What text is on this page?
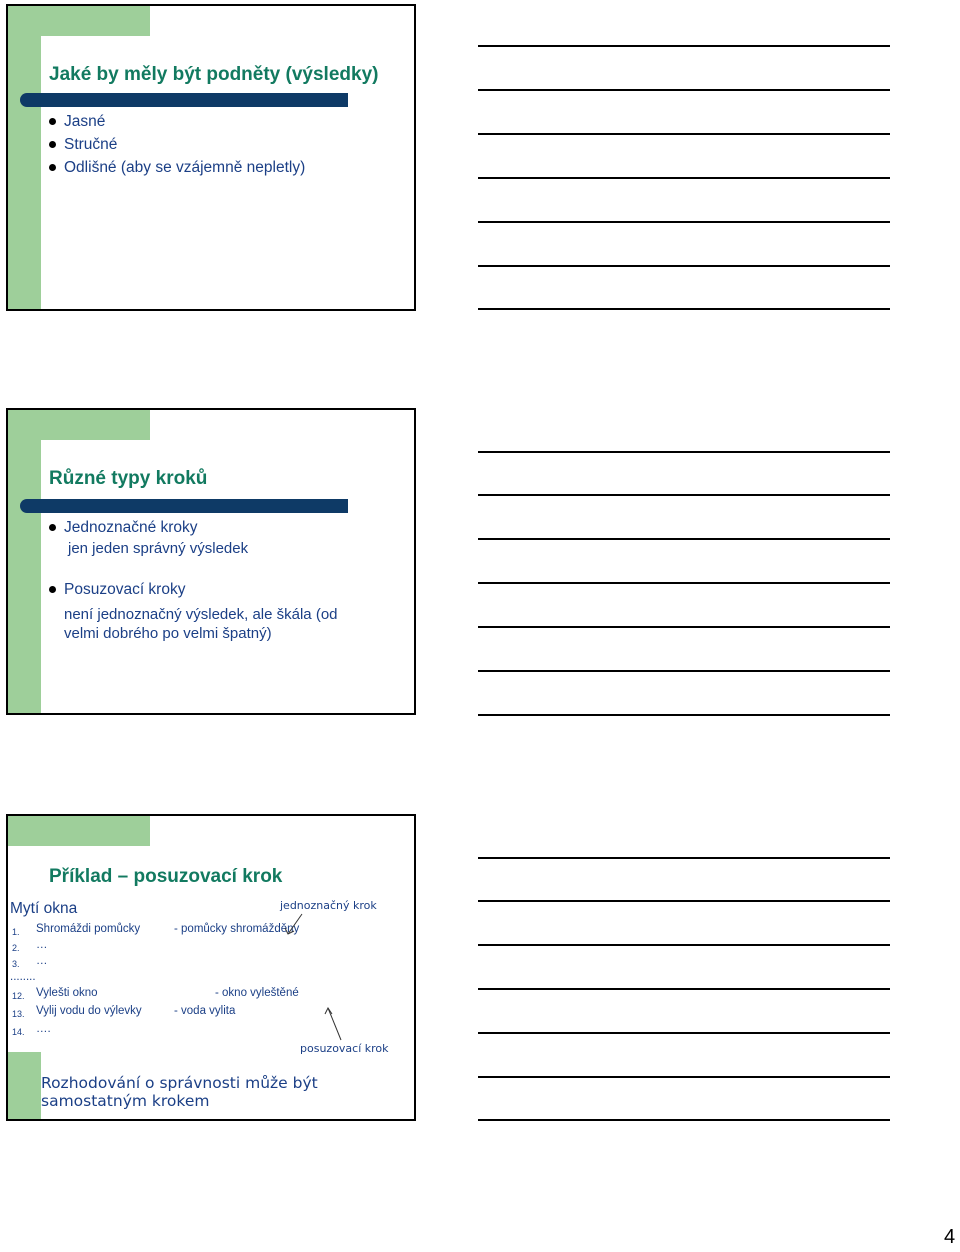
Jaké by měly být podněty (výsledky)
Jasné
Stručné
Odlišné (aby se vzájemně nepletly)
Různé typy kroků
Jednoznačné kroky
jen jeden správný výsledek
Posuzovací kroky
není jednoznačný výsledek, ale škála (od
velmi dobrého po velmi špatný)
Příklad – posuzovací krok
Mytí okna	jednoznačný krok
1. Shromáždi pomůcky	- pomůcky shromážděny
2. …
3. …
........
12. Vylešti okno	- okno vyleštěné
13. Vylij vodu do výlevky	- voda vylita
14. ….
posuzovací krok
Rozhodování o správnosti může být
samostatným krokem
4
